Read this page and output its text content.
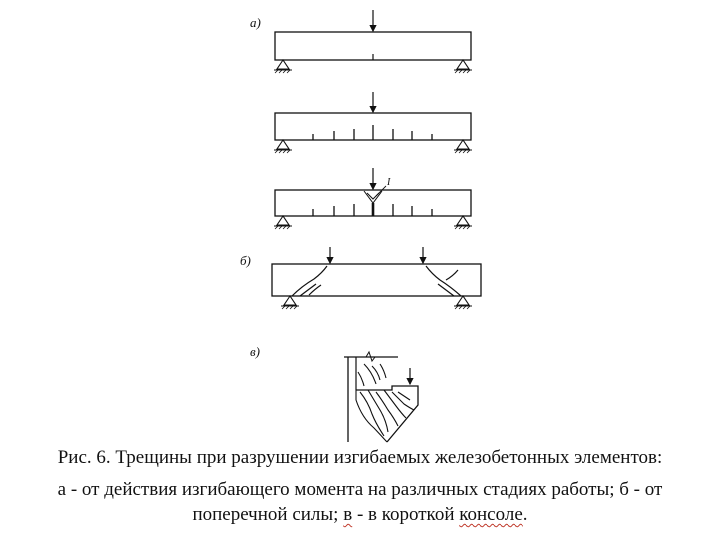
а)
I
б)
в)
Рис. 6. Трещины при разрушении изгибаемых железобетонных элементов:
а - от действия изгибающего момента на различных стадиях работы; б - от
поперечной силы; в - в короткой консоле.
